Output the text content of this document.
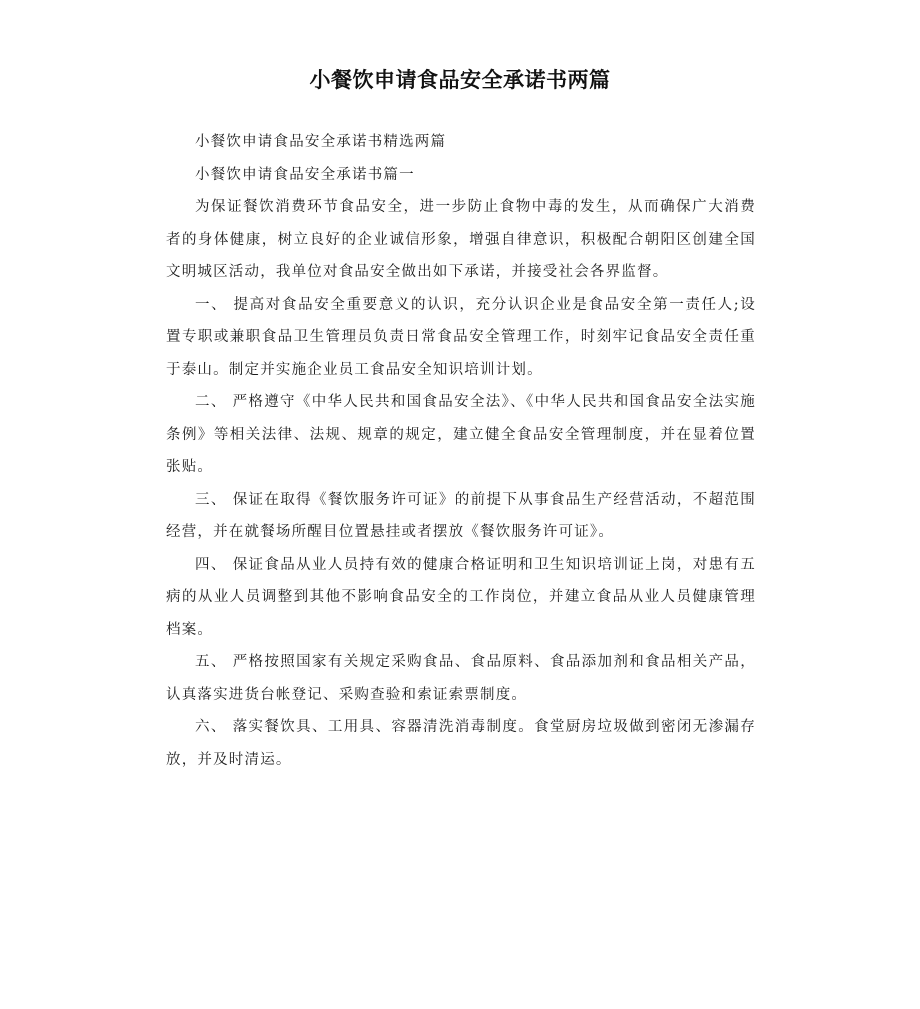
小餐饮申请食品安全承诺书两篇

小餐饮申请食品安全承诺书精选两篇

小餐饮申请食品安全承诺书篇一

为保证餐饮消费环节食品安全，进一步防止食物中毒的发生，从而确保广大消费者的身体健康，树立良好的企业诚信形象，增强自律意识，积极配合朝阳区创建全国文明城区活动，我单位对食品安全做出如下承诺，并接受社会各界监督。

一、 提高对食品安全重要意义的认识，充分认识企业是食品安全第一责任人;设置专职或兼职食品卫生管理员负责日常食品安全管理工作，时刻牢记食品安全责任重于泰山。制定并实施企业员工食品安全知识培训计划。

二、 严格遵守《中华人民共和国食品安全法》、《中华人民共和国食品安全法实施条例》等相关法律、法规、规章的规定，建立健全食品安全管理制度，并在显着位置张贴。

三、 保证在取得《餐饮服务许可证》的前提下从事食品生产经营活动，不超范围经营，并在就餐场所醒目位置悬挂或者摆放《餐饮服务许可证》。

四、 保证食品从业人员持有效的健康合格证明和卫生知识培训证上岗，对患有五病的从业人员调整到其他不影响食品安全的工作岗位，并建立食品从业人员健康管理档案。

五、 严格按照国家有关规定采购食品、食品原料、食品添加剂和食品相关产品，认真落实进货台帐登记、采购查验和索证索票制度。

六、 落实餐饮具、工用具、容器清洗消毒制度。食堂厨房垃圾做到密闭无渗漏存放，并及时清运。
